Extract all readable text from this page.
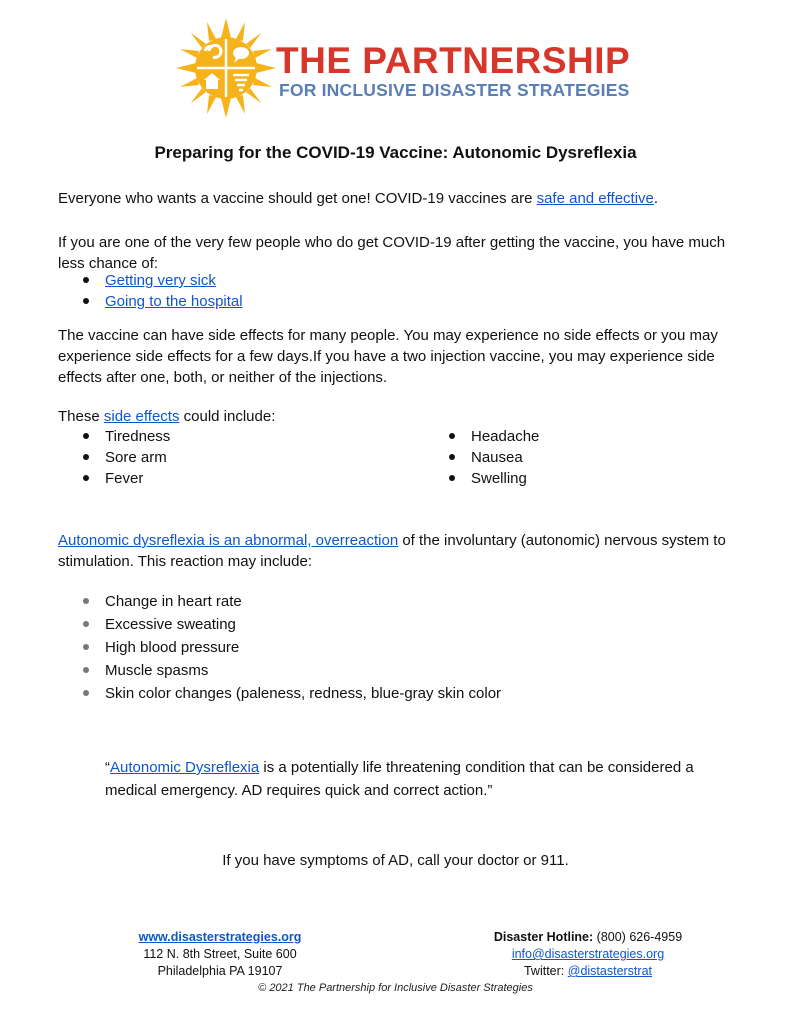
THE PARTNERSHIP
FOR INCLUSIVE DISASTER STRATEGIES
Preparing for the COVID-19 Vaccine: Autonomic Dysreflexia
Everyone who wants a vaccine should get one! COVID-19 vaccines are safe and effective.
If you are one of the very few people who do get COVID-19 after getting the vaccine, you have much less chance of:
Getting very sick
Going to the hospital
The vaccine can have side effects for many people. You may experience no side effects or you may experience side effects for a few days.If you have a two injection vaccine, you may experience side effects after one, both, or neither of the injections.
These side effects could include:
Tiredness
Sore arm
Fever
Headache
Nausea
Swelling
Autonomic dysreflexia is an abnormal, overreaction of the involuntary (autonomic) nervous system to stimulation. This reaction may include:
Change in heart rate
Excessive sweating
High blood pressure
Muscle spasms
Skin color changes (paleness, redness, blue-gray skin color
“Autonomic Dysreflexia is a potentially life threatening condition that can be considered a medical emergency. AD requires quick and correct action.”
If you have symptoms of AD, call your doctor or 911.
www.disasterstrategies.org
112 N. 8th Street, Suite 600
Philadelphia PA 19107
Disaster Hotline: (800) 626-4959
info@disasterstrategies.org
Twitter: @distasterstrat
© 2021 The Partnership for Inclusive Disaster Strategies
